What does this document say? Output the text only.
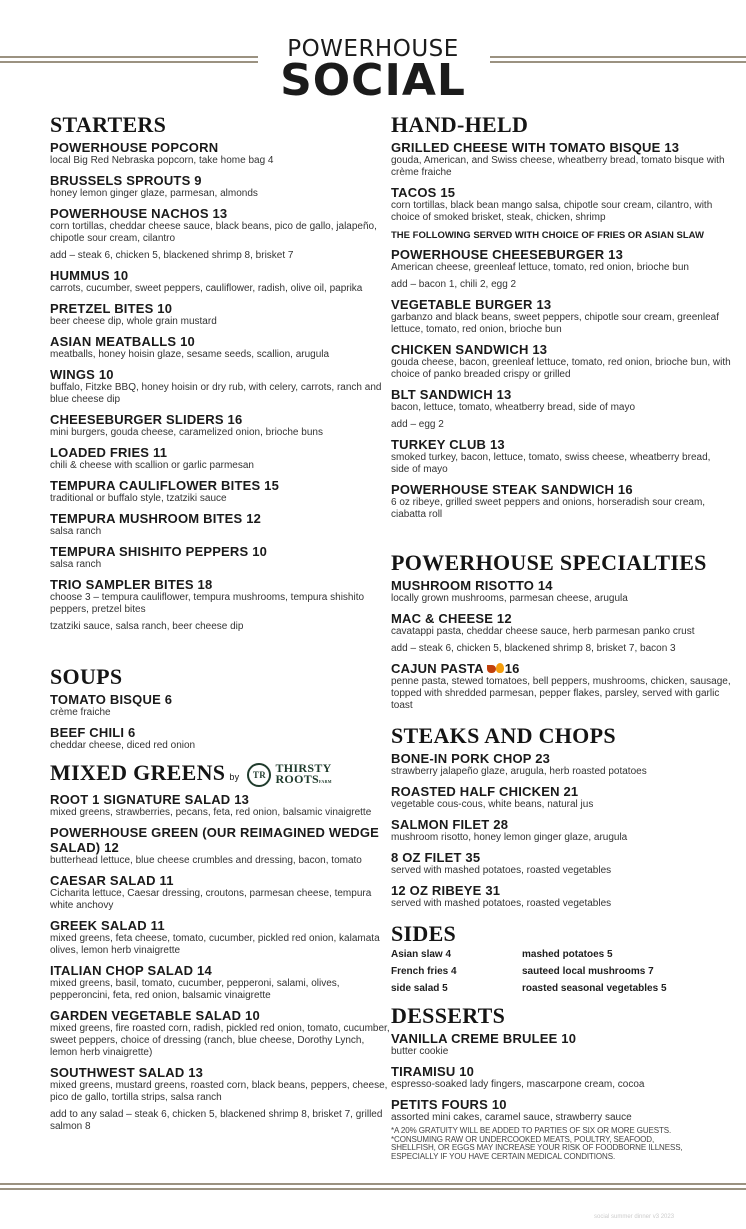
POWERHOUSE
SOCIAL
STARTERS
POWERHOUSE POPCORN
local Big Red Nebraska popcorn, take home bag 4
BRUSSELS SPROUTS 9
honey lemon ginger glaze, parmesan, almonds
POWERHOUSE NACHOS 13
corn tortillas, cheddar cheese sauce, black beans, pico de gallo, jalapeño, chipotle sour cream, cilantro
add – steak 6, chicken 5, blackened shrimp 8, brisket 7
HUMMUS 10
carrots, cucumber, sweet peppers, cauliflower, radish, olive oil, paprika
PRETZEL BITES 10
beer cheese dip, whole grain mustard
ASIAN MEATBALLS 10
meatballs, honey hoisin glaze, sesame seeds, scallion, arugula
WINGS 10
buffalo, Fitzke BBQ, honey hoisin or dry rub, with celery, carrots, ranch and blue cheese dip
CHEESEBURGER SLIDERS 16
mini burgers, gouda cheese, caramelized onion, brioche buns
LOADED FRIES 11
chili & cheese with scallion or garlic parmesan
TEMPURA CAULIFLOWER BITES 15
traditional or buffalo style, tzatziki sauce
TEMPURA MUSHROOM BITES 12
salsa ranch
TEMPURA SHISHITO PEPPERS 10
salsa ranch
TRIO SAMPLER BITES 18
choose 3 – tempura cauliflower, tempura mushrooms, tempura shishito peppers, pretzel bites
tzatziki sauce, salsa ranch, beer cheese dip
SOUPS
TOMATO BISQUE 6
crème fraiche
BEEF CHILI 6
cheddar cheese, diced red onion
MIXED GREENS by	TR THIRSTY
ROOTSFARM
ROOT 1 SIGNATURE SALAD 13
mixed greens, strawberries, pecans, feta, red onion, balsamic vinaigrette
POWERHOUSE GREEN (OUR REIMAGINED WEDGE SALAD) 12
butterhead lettuce, blue cheese crumbles and dressing, bacon, tomato
CAESAR SALAD 11
Cicharita lettuce, Caesar dressing, croutons, parmesan cheese, tempura white anchovy
GREEK SALAD 11
mixed greens, feta cheese, tomato, cucumber, pickled red onion, kalamata olives, lemon herb vinaigrette
ITALIAN CHOP SALAD 14
mixed greens, basil, tomato, cucumber, pepperoni, salami, olives, pepperoncini, feta, red onion, balsamic vinaigrette
GARDEN VEGETABLE SALAD 10
mixed greens, fire roasted corn, radish, pickled red onion, tomato, cucumber, sweet peppers, choice of dressing (ranch, blue cheese, Dorothy Lynch, lemon herb vinaigrette)
SOUTHWEST SALAD 13
mixed greens, mustard greens, roasted corn, black beans, peppers, cheese, pico de gallo, tortilla strips, salsa ranch
add to any salad – steak 6, chicken 5, blackened shrimp 8, brisket 7, grilled salmon 8
HAND-HELD
GRILLED CHEESE WITH TOMATO BISQUE 13
gouda, American, and Swiss cheese, wheatberry bread, tomato bisque with crème fraiche
TACOS 15
corn tortillas, black bean mango salsa, chipotle sour cream, cilantro, with choice of smoked brisket, steak, chicken, shrimp
THE FOLLOWING SERVED WITH CHOICE OF FRIES OR ASIAN SLAW
POWERHOUSE CHEESEBURGER 13
American cheese, greenleaf lettuce, tomato, red onion, brioche bun
add – bacon 1, chili 2, egg 2
VEGETABLE BURGER 13
garbanzo and black beans, sweet peppers, chipotle sour cream, greenleaf lettuce, tomato, red onion, brioche bun
CHICKEN SANDWICH 13
gouda cheese, bacon, greenleaf lettuce, tomato, red onion, brioche bun, with choice of panko breaded crispy or grilled
BLT SANDWICH 13
bacon, lettuce, tomato, wheatberry bread, side of mayo
add – egg 2
TURKEY CLUB 13
smoked turkey, bacon, lettuce, tomato, swiss cheese, wheatberry bread, side of mayo
POWERHOUSE STEAK SANDWICH 16
6 oz ribeye, grilled sweet peppers and onions, horseradish sour cream, ciabatta roll
POWERHOUSE SPECIALTIES
MUSHROOM RISOTTO 14
locally grown mushrooms, parmesan cheese, arugula
MAC & CHEESE 12
cavatappi pasta, cheddar cheese sauce, herb parmesan panko crust
add – steak 6, chicken 5, blackened shrimp 8, brisket 7, bacon 3
CAJUN PASTA 16
penne pasta, stewed tomatoes, bell peppers, mushrooms, chicken, sausage, topped with shredded parmesan, pepper flakes, parsley, served with garlic toast
STEAKS AND CHOPS
BONE-IN PORK CHOP 23
strawberry jalapeño glaze, arugula, herb roasted potatoes
ROASTED HALF CHICKEN 21
vegetable cous-cous, white beans, natural jus
SALMON FILET 28
mushroom risotto, honey lemon ginger glaze, arugula
8 OZ FILET 35
served with mashed potatoes, roasted vegetables
12 OZ RIBEYE 31
served with mashed potatoes, roasted vegetables
SIDES
Asian slaw 4	mashed potatoes 5
French fries 4	sauteed local mushrooms 7
side salad 5	roasted seasonal vegetables 5
DESSERTS
VANILLA CREME BRULEE 10
butter cookie
TIRAMISU 10
espresso-soaked lady fingers, mascarpone cream, cocoa
PETITS FOURS 10
assorted mini cakes, caramel sauce, strawberry sauce
*A 20% GRATUITY WILL BE ADDED TO PARTIES OF SIX OR MORE GUESTS. *CONSUMING RAW OR UNDERCOOKED MEATS, POULTRY, SEAFOOD, SHELLFISH, OR EGGS MAY INCREASE YOUR RISK OF FOODBORNE ILLNESS, ESPECIALLY IF YOU HAVE CERTAIN MEDICAL CONDITIONS.
social summer dinner v3 2023
